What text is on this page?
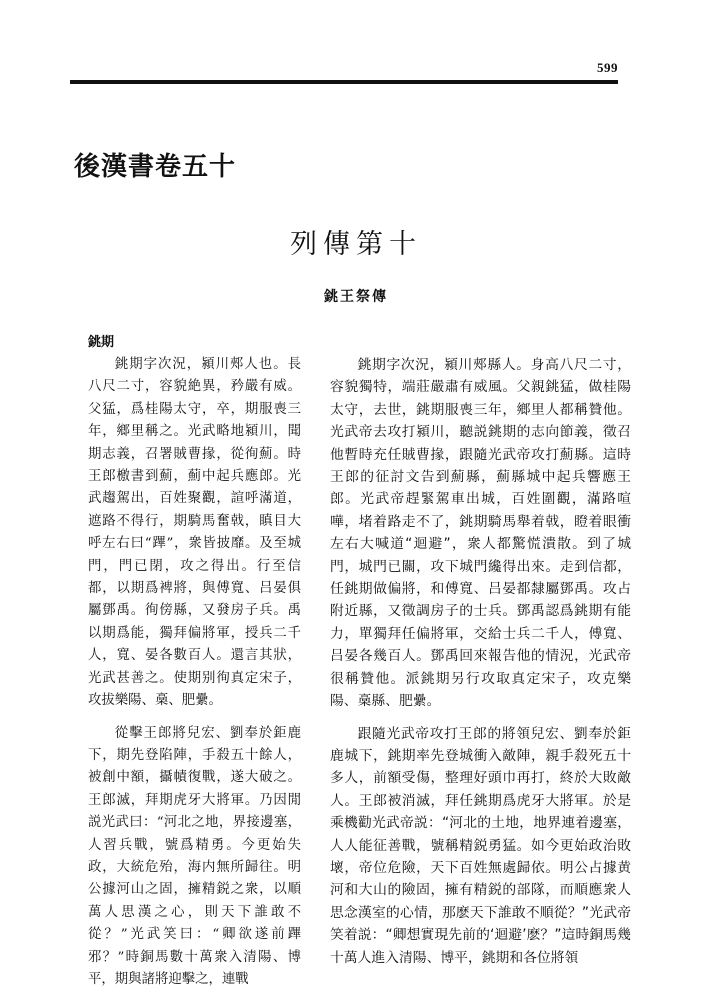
599
後漢書卷五十
列傳第十
銚王祭傳
銚期

銚期字次況，潁川郟人也。長八尺二寸，容貌絶異，矜嚴有威。父猛，爲桂陽太守，卒，期服喪三年，鄉里稱之。光武略地潁川，聞期志義，召署賊曹掾，從徇薊。時王郎檄書到薊，薊中起兵應郎。光武趨駕出，百姓聚觀，諠呼滿道，遮路不得行，期騎馬奮戟，瞋目大呼左右曰“蹕”，衆皆披靡。及至城門，門已閉，攻之得出。行至信都，以期爲裨將，與傅寬、吕晏俱屬鄧禹。徇傍縣，又發房子兵。禹以期爲能，獨拜偏將軍，授兵二千人，寬、晏各數百人。還言其狀，光武甚善之。使期别徇真定宋子，攻拔樂陽、槀、肥纍。

從擊王郎將兒宏、劉奉於鉅鹿下，期先登陷陣，手殺五十餘人，被創中額，攝幘復戰，遂大破之。王郎滅，拜期虎牙大將軍。乃因閒説光武曰：“河北之地，界接邊塞，人習兵戰，號爲精勇。今更始失政，大統危殆，海内無所歸往。明公據河山之固，擁精鋭之衆，以順萬人思漢之心，則天下誰敢不從？”光武笑曰：“卿欲遂前蹕邪？”時銅馬數十萬衆入清陽、博平，期與諸將迎擊之，連戰

銚期字次況，潁川郟縣人。身高八尺二寸，容貌獨特，端莊嚴肅有威風。父親銚猛，做桂陽太守，去世，銚期服喪三年，鄉里人都稱贊他。光武帝去攻打潁川，聽説銚期的志向節義，徵召他暫時充任賊曹掾，跟隨光武帝攻打薊縣。這時王郎的征討文告到薊縣，薊縣城中起兵響應王郎。光武帝趕緊駕車出城，百姓圍觀，滿路喧嘩，堵着路走不了，銚期騎馬舉着戟，瞪着眼衝左右大喊道“迴避”，衆人都驚慌潰散。到了城門，城門已關，攻下城門纔得出來。走到信都，任銚期做偏將，和傅寬、吕晏都隸屬鄧禹。攻占附近縣，又徵調房子的士兵。鄧禹認爲銚期有能力，單獨拜任偏將軍，交給士兵二千人，傅寬、吕晏各幾百人。鄧禹回來報告他的情況，光武帝很稱贊他。派銚期另行攻取真定宋子，攻克樂陽、槀縣、肥纍。

跟隨光武帝攻打王郎的將領兒宏、劉奉於鉅鹿城下，銚期率先登城衝入敵陣，親手殺死五十多人，前額受傷，整理好頭巾再打，終於大敗敵人。王郎被消滅，拜任銚期爲虎牙大將軍。於是乘機勸光武帝説：“河北的土地，地界連着邊塞，人人能征善戰，號稱精鋭勇猛。如今更始政治敗壞，帝位危險，天下百姓無處歸依。明公占據黄河和大山的險固，擁有精鋭的部隊，而順應衆人思念漢室的心情，那麽天下誰敢不順從？”光武帝笑着説：“卿想實現先前的‘迴避’麽？”這時銅馬幾十萬人進入清陽、博平，銚期和各位將領
